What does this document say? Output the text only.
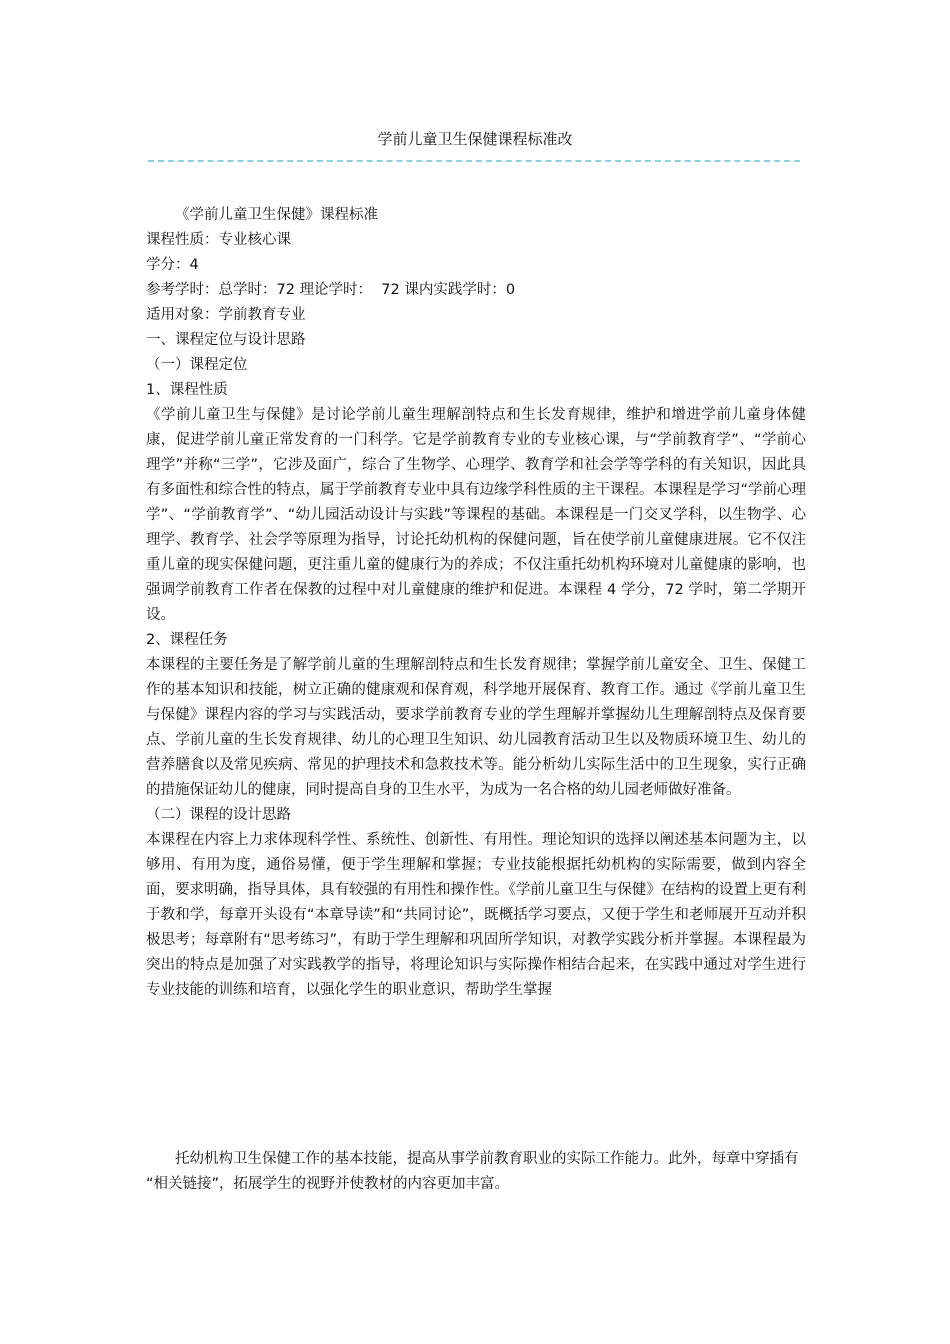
学前儿童卫生保健课程标准改

《学前儿童卫生保健》课程标准

课程性质：专业核心课

学分：4

参考学时：总学时：72 理论学时：  72 课内实践学时：0

适用对象：学前教育专业

一、课程定位与设计思路

（一）课程定位

1、课程性质

《学前儿童卫生与保健》是讨论学前儿童生理解剖特点和生长发育规律，维护和增进学前儿童身体健康，促进学前儿童正常发育的一门科学。它是学前教育专业的专业核心课，与“学前教育学”、“学前心理学”并称“三学”，它涉及面广，综合了生物学、心理学、教育学和社会学等学科的有关知识，因此具有多面性和综合性的特点，属于学前教育专业中具有边缘学科性质的主干课程。本课程是学习“学前心理学”、“学前教育学”、“幼儿园活动设计与实践”等课程的基础。本课程是一门交叉学科，以生物学、心理学、教育学、社会学等原理为指导，讨论托幼机构的保健问题，旨在使学前儿童健康进展。它不仅注重儿童的现实保健问题，更注重儿童的健康行为的养成；不仅注重托幼机构环境对儿童健康的影响，也强调学前教育工作者在保教的过程中对儿童健康的维护和促进。本课程 4 学分，72 学时，第二学期开设。

2、课程任务

本课程的主要任务是了解学前儿童的生理解剖特点和生长发育规律；掌握学前儿童安全、卫生、保健工作的基本知识和技能，树立正确的健康观和保育观，科学地开展保育、教育工作。通过《学前儿童卫生与保健》课程内容的学习与实践活动，要求学前教育专业的学生理解并掌握幼儿生理解剖特点及保育要点、学前儿童的生长发育规律、幼儿的心理卫生知识、幼儿园教育活动卫生以及物质环境卫生、幼儿的营养膳食以及常见疾病、常见的护理技术和急救技术等。能分析幼儿实际生活中的卫生现象，实行正确的措施保证幼儿的健康，同时提高自身的卫生水平，为成为一名合格的幼儿园老师做好准备。

（二）课程的设计思路

本课程在内容上力求体现科学性、系统性、创新性、有用性。理论知识的选择以阐述基本问题为主，以够用、有用为度，通俗易懂，便于学生理解和掌握；专业技能根据托幼机构的实际需要，做到内容全面，要求明确，指导具体，具有较强的有用性和操作性。《学前儿童卫生与保健》在结构的设置上更有利于教和学，每章开头设有“本章导读”和“共同讨论”，既概括学习要点，又便于学生和老师展开互动并积极思考；每章附有“思考练习”，有助于学生理解和巩固所学知识，对教学实践分析并掌握。本课程最为突出的特点是加强了对实践教学的指导，将理论知识与实际操作相结合起来，在实践中通过对学生进行专业技能的训练和培育，以强化学生的职业意识，帮助学生掌握

托幼机构卫生保健工作的基本技能，提高从事学前教育职业的实际工作能力。此外，每章中穿插有

“相关链接”，拓展学生的视野并使教材的内容更加丰富。
